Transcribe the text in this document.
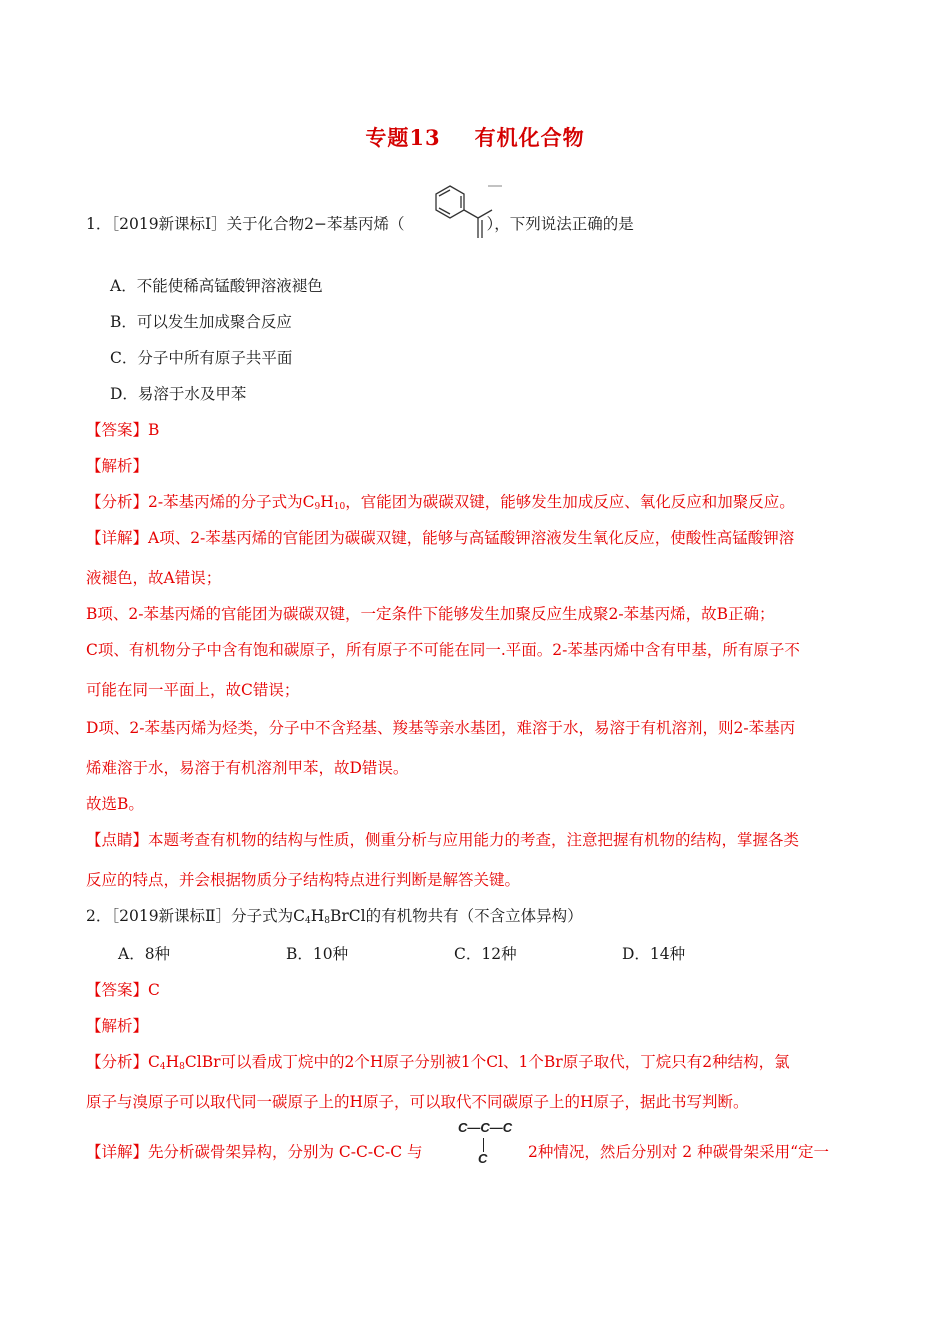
专题13 有机化合物
1．［2019新课标Ⅰ］关于化合物2−苯基丙烯（	），下列说法正确的是
A．不能使稀高锰酸钾溶液褪色
B．可以发生加成聚合反应
C．分子中所有原子共平面
D．易溶于水及甲苯
【答案】B
【解析】
【分析】2-苯基丙烯的分子式为$C_9H_{10}$，官能团为碳碳双键，能够发生加成反应、氧化反应和加聚反应。
【详解】A项、2-苯基丙烯的官能团为碳碳双键，能够与高锰酸钾溶液发生氧化反应，使酸性高锰酸钾溶
液褪色，故A错误；
B项、2-苯基丙烯的官能团为碳碳双键，一定条件下能够发生加聚反应生成聚2-苯基丙烯，故B正确；
C项、有机物分子中含有饱和碳原子，所有原子不可能在同一.平面。2-苯基丙烯中含有甲基，所有原子不
可能在同一平面上，故C错误；
D项、2-苯基丙烯为烃类，分子中不含羟基、羧基等亲水基团，难溶于水，易溶于有机溶剂，则2-苯基丙
烯难溶于水，易溶于有机溶剂甲苯，故D错误。
故选B。
【点睛】本题考查有机物的结构与性质，侧重分析与应用能力的考查，注意把握有机物的结构，掌握各类
反应的特点，并会根据物质分子结构特点进行判断是解答关键。
2．［2019新课标Ⅱ］分子式为$C_4H_8BrCl$的有机物共有（不含立体异构）
A．8种	B．10种	C．12种	D．14种
【答案】C
【解析】
【分析】$C_4H_8ClBr$可以看成丁烷中的2个H原子分别被1个Cl、1个Br原子取代，丁烷只有2种结构，氯
原子与溴原子可以取代同一碳原子上的H原子，可以取代不同碳原子上的H原子，据此书写判断。
【详解】先分析碳骨架异构，分别为 C-C-C-C 与	2种情况，然后分别对 2 种碳骨架采用“定一
C—C—C
C
